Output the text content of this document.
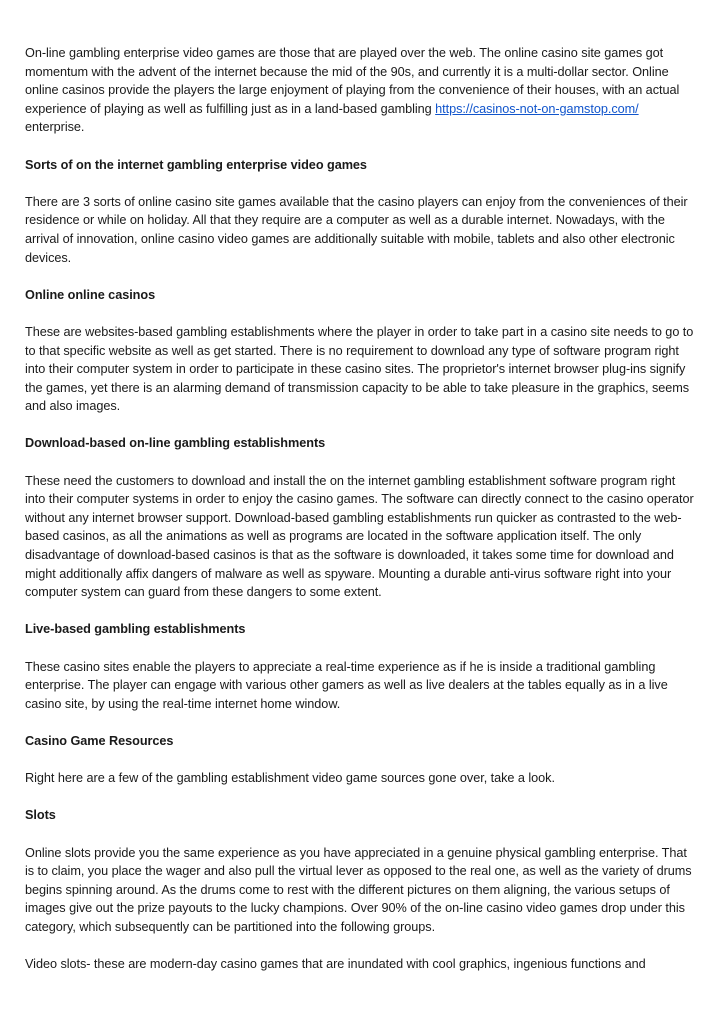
On-line gambling enterprise video games are those that are played over the web. The online casino site games got momentum with the advent of the internet because the mid of the 90s, and currently it is a multi-dollar sector. Online online casinos provide the players the large enjoyment of playing from the convenience of their houses, with an actual experience of playing as well as fulfilling just as in a land-based gambling https://casinos-not-on-gamstop.com/ enterprise.

Sorts of on the internet gambling enterprise video games

There are 3 sorts of online casino site games available that the casino players can enjoy from the conveniences of their residence or while on holiday. All that they require are a computer as well as a durable internet. Nowadays, with the arrival of innovation, online casino video games are additionally suitable with mobile, tablets and also other electronic devices.

Online online casinos

These are websites-based gambling establishments where the player in order to take part in a casino site needs to go to to that specific website as well as get started. There is no requirement to download any type of software program right into their computer system in order to participate in these casino sites. The proprietor's internet browser plug-ins signify the games, yet there is an alarming demand of transmission capacity to be able to take pleasure in the graphics, seems and also images.

Download-based on-line gambling establishments

These need the customers to download and install the on the internet gambling establishment software program right into their computer systems in order to enjoy the casino games. The software can directly connect to the casino operator without any internet browser support. Download-based gambling establishments run quicker as contrasted to the web-based casinos, as all the animations as well as programs are located in the software application itself. The only disadvantage of download-based casinos is that as the software is downloaded, it takes some time for download and might additionally affix dangers of malware as well as spyware. Mounting a durable anti-virus software right into your computer system can guard from these dangers to some extent.

Live-based gambling establishments

These casino sites enable the players to appreciate a real-time experience as if he is inside a traditional gambling enterprise. The player can engage with various other gamers as well as live dealers at the tables equally as in a live casino site, by using the real-time internet home window.

Casino Game Resources

Right here are a few of the gambling establishment video game sources gone over, take a look.

Slots

Online slots provide you the same experience as you have appreciated in a genuine physical gambling enterprise. That is to claim, you place the wager and also pull the virtual lever as opposed to the real one, as well as the variety of drums begins spinning around. As the drums come to rest with the different pictures on them aligning, the various setups of images give out the prize payouts to the lucky champions. Over 90% of the on-line casino video games drop under this category, which subsequently can be partitioned into the following groups.

Video slots- these are modern-day casino games that are inundated with cool graphics, ingenious functions and
